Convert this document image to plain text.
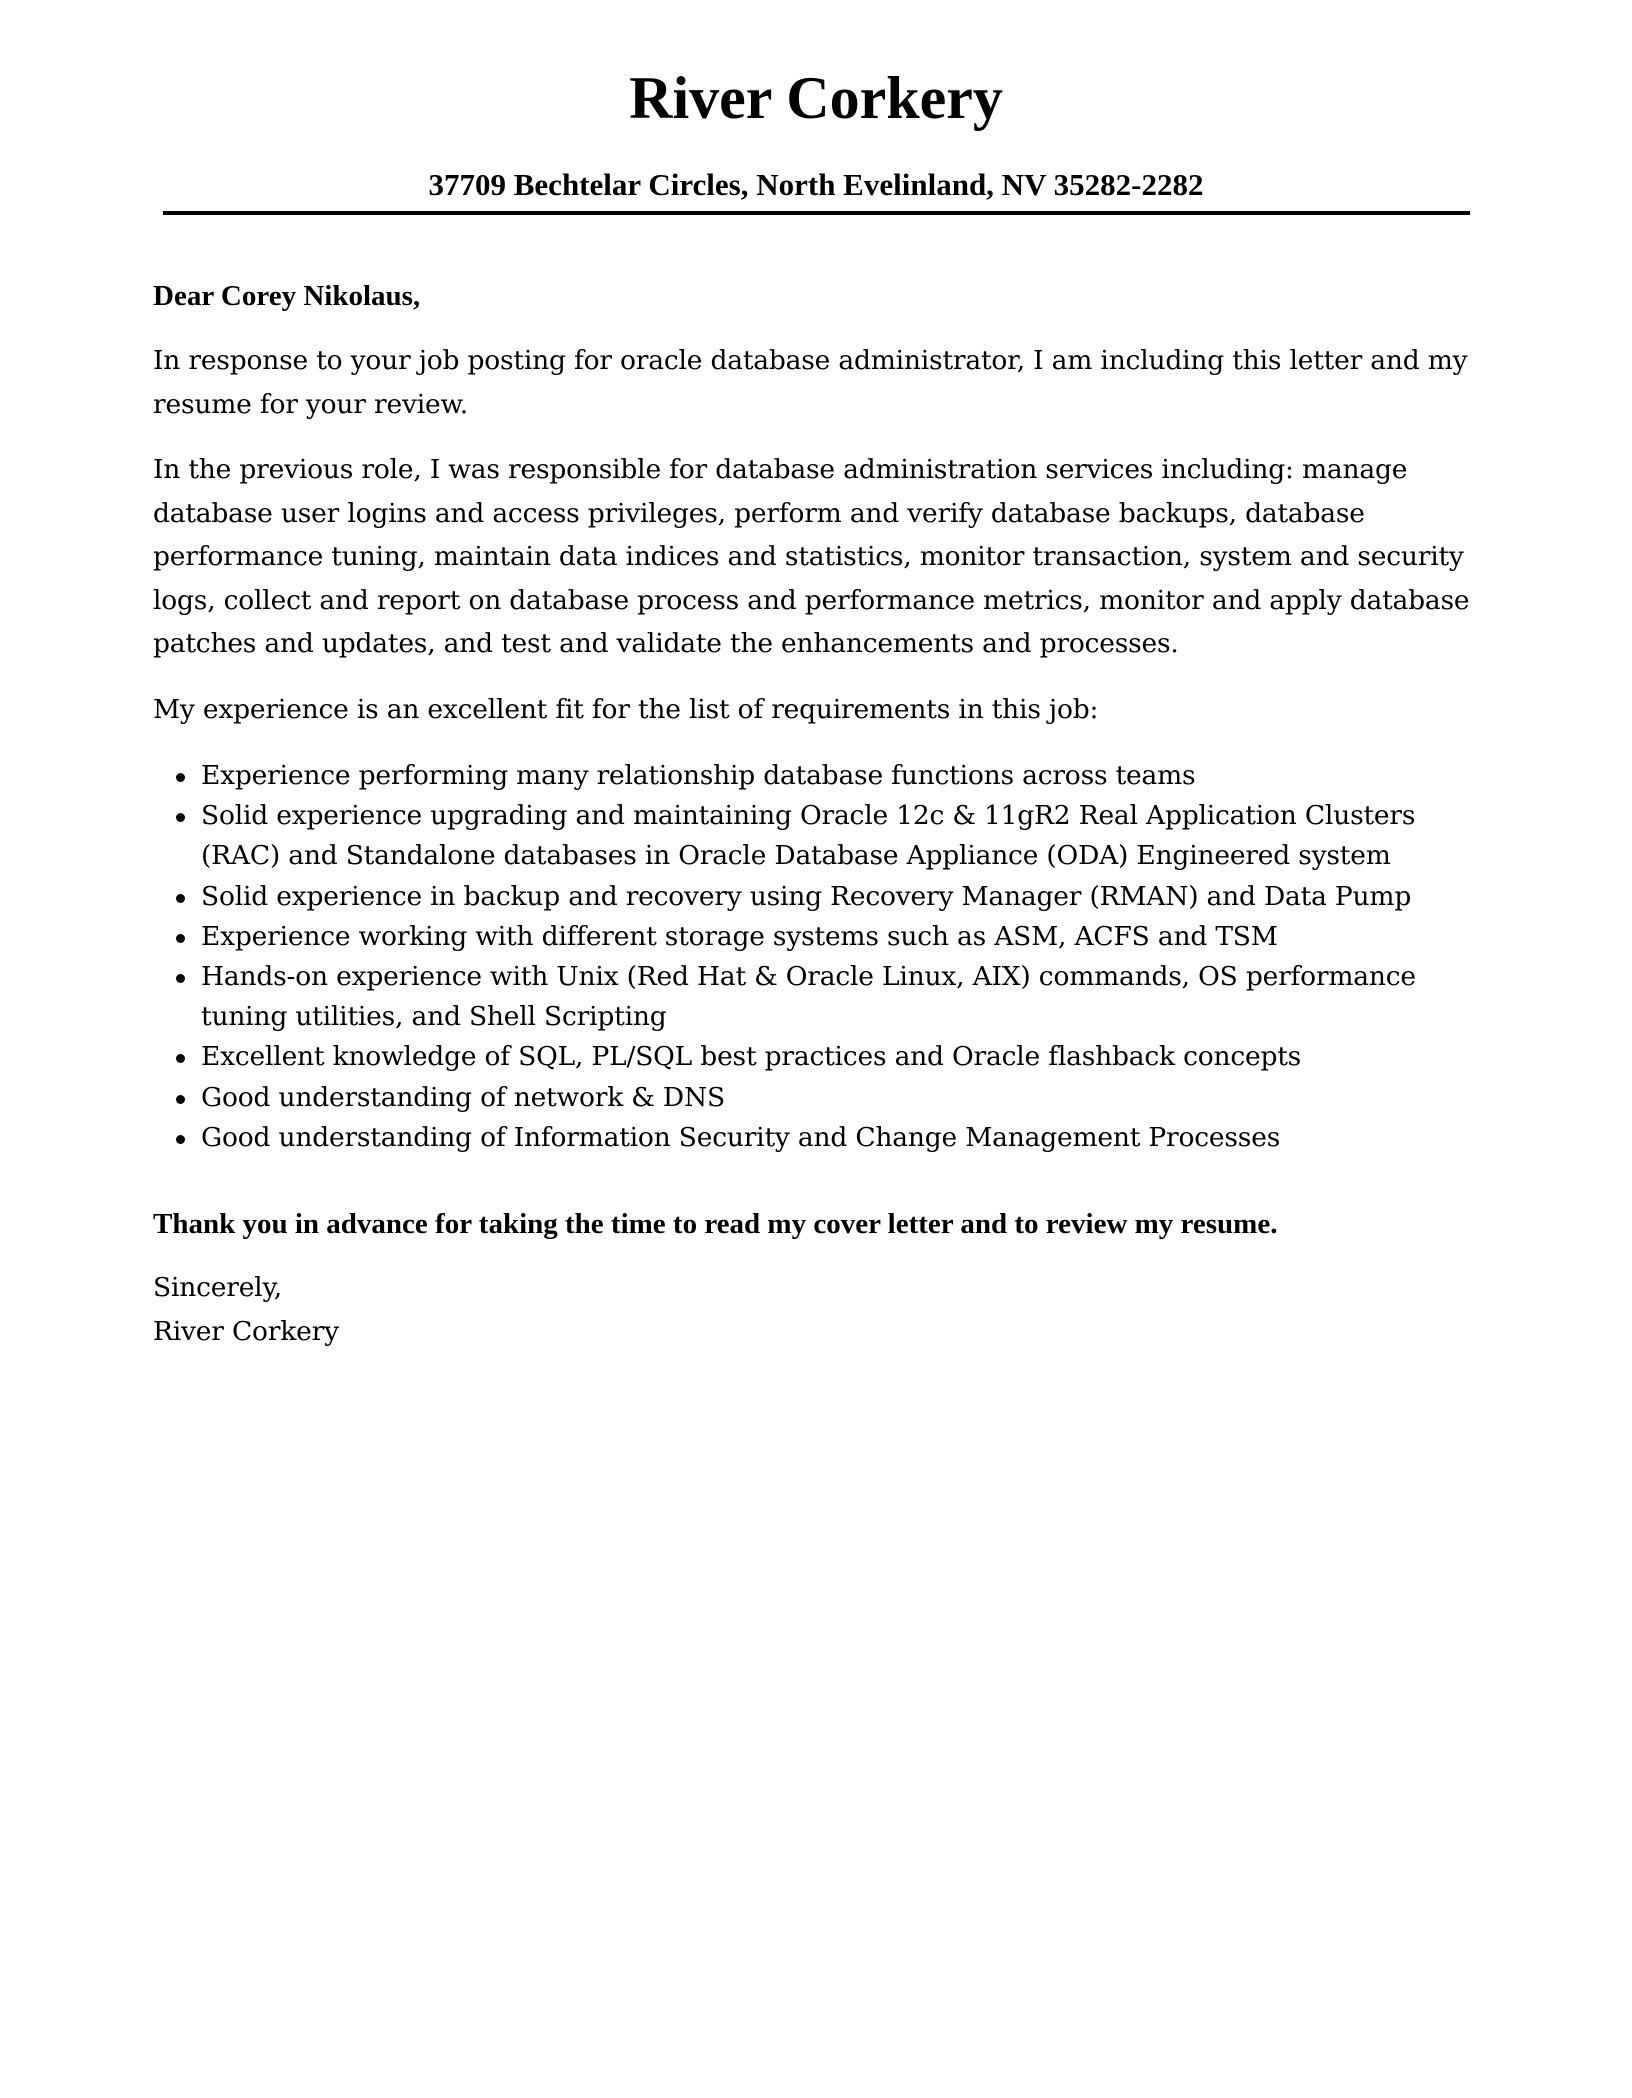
River Corkery

37709 Bechtelar Circles, North Evelinland, NV 35282-2282

Dear Corey Nikolaus,

In response to your job posting for oracle database administrator, I am including this letter and my resume for your review.

In the previous role, I was responsible for database administration services including: manage database user logins and access privileges, perform and verify database backups, database performance tuning, maintain data indices and statistics, monitor transaction, system and security logs, collect and report on database process and performance metrics, monitor and apply database patches and updates, and test and validate the enhancements and processes.

My experience is an excellent fit for the list of requirements in this job:

Experience performing many relationship database functions across teams
Solid experience upgrading and maintaining Oracle 12c & 11gR2 Real Application Clusters (RAC) and Standalone databases in Oracle Database Appliance (ODA) Engineered system
Solid experience in backup and recovery using Recovery Manager (RMAN) and Data Pump
Experience working with different storage systems such as ASM, ACFS and TSM
Hands-on experience with Unix (Red Hat & Oracle Linux, AIX) commands, OS performance tuning utilities, and Shell Scripting
Excellent knowledge of SQL, PL/SQL best practices and Oracle flashback concepts
Good understanding of network & DNS
Good understanding of Information Security and Change Management Processes

Thank you in advance for taking the time to read my cover letter and to review my resume.

Sincerely,
River Corkery
